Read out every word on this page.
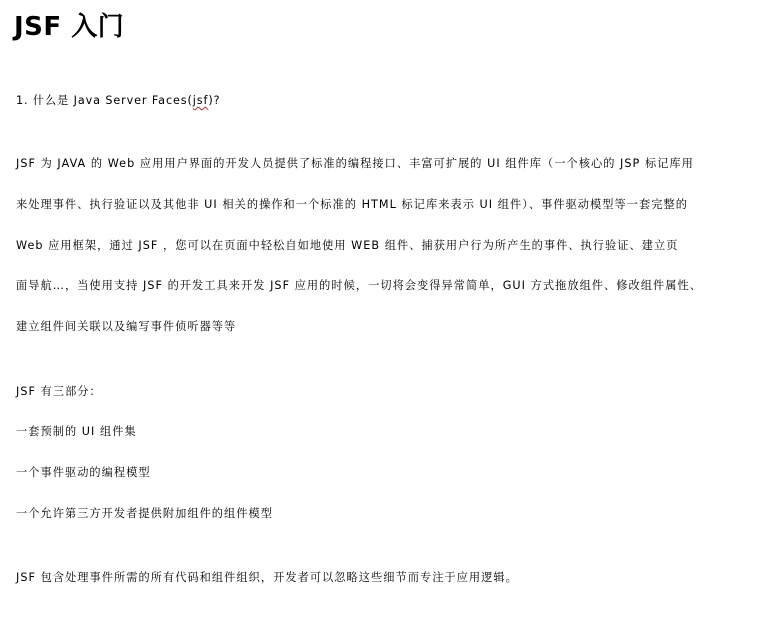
JSF 入门
1. 什么是 Java Server Faces(jsf)?
JSF 为 JAVA 的 Web 应用用户界面的开发人员提供了标准的编程接口、丰富可扩展的 UI 组件库（一个核心的 JSP 标记库用
来处理事件、执行验证以及其他非 UI 相关的操作和一个标准的 HTML 标记库来表示 UI 组件）、事件驱动模型等一套完整的
Web 应用框架，通过 JSF ，您可以在页面中轻松自如地使用 WEB 组件、捕获用户行为所产生的事件、执行验证、建立页
面导航…，当使用支持 JSF 的开发工具来开发 JSF 应用的时候，一切将会变得异常简单，GUI 方式拖放组件、修改组件属性、
建立组件间关联以及编写事件侦听器等等
JSF 有三部分：
一套预制的 UI 组件集
一个事件驱动的编程模型
一个允许第三方开发者提供附加组件的组件模型
JSF 包含处理事件所需的所有代码和组件组织，开发者可以忽略这些细节而专注于应用逻辑。
